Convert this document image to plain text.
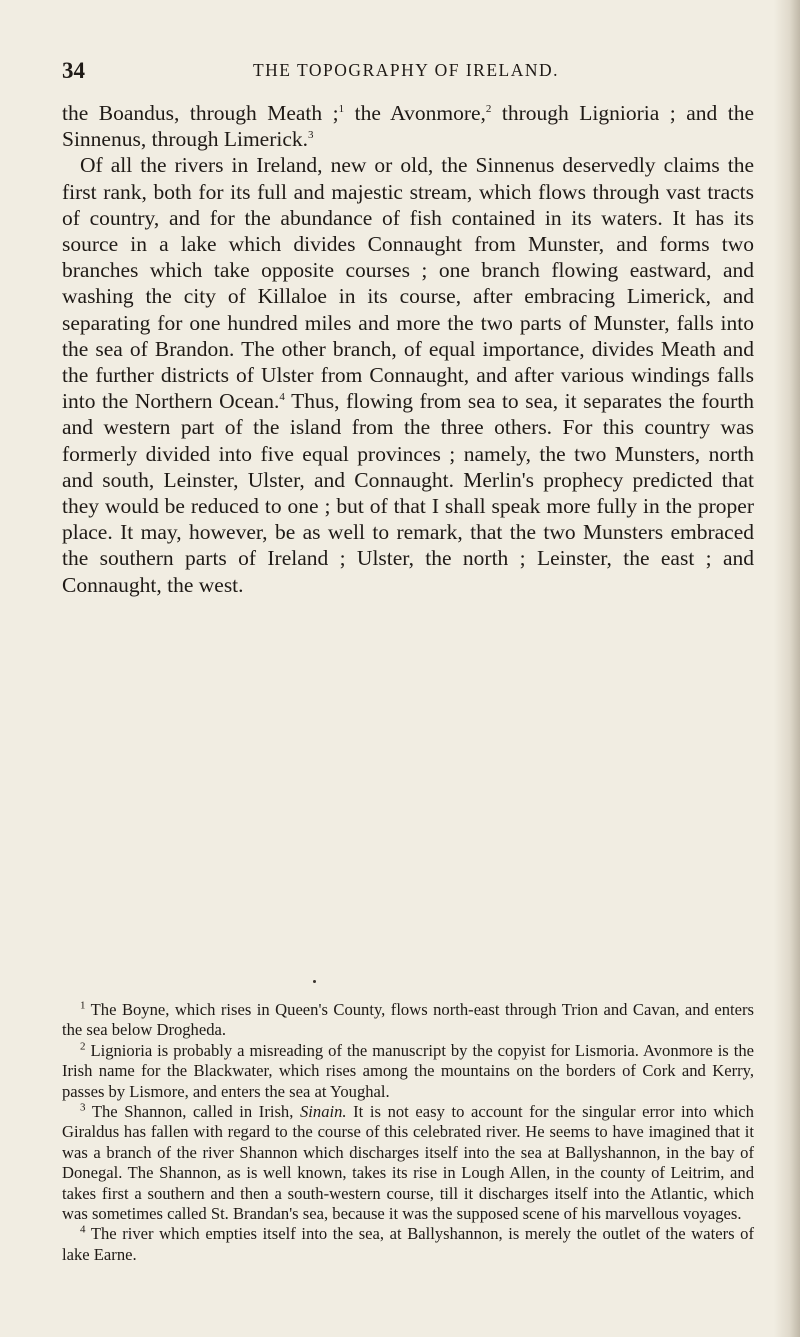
34	THE TOPOGRAPHY OF IRELAND.

the Boandus, through Meath ;$^1$ the Avonmore,$^2$ through Lignioria ; and the Sinnenus, through Limerick.$^3$

Of all the rivers in Ireland, new or old, the Sinnenus deservedly claims the first rank, both for its full and majestic stream, which flows through vast tracts of country, and for the abundance of fish contained in its waters. It has its source in a lake which divides Connaught from Munster, and forms two branches which take opposite courses ; one branch flowing eastward, and washing the city of Killaloe in its course, after embracing Limerick, and separating for one hundred miles and more the two parts of Munster, falls into the sea of Brandon. The other branch, of equal importance, divides Meath and the further districts of Ulster from Connaught, and after various windings falls into the Northern Ocean.$^4$ Thus, flowing from sea to sea, it separates the fourth and western part of the island from the three others. For this country was formerly divided into five equal provinces ; namely, the two Munsters, north and south, Leinster, Ulster, and Connaught. Merlin's prophecy predicted that they would be reduced to one ; but of that I shall speak more fully in the proper place. It may, however, be as well to remark, that the two Munsters embraced the southern parts of Ireland ; Ulster, the north ; Leinster, the east ; and Connaught, the west.

$^1$ The Boyne, which rises in Queen's County, flows north-east through Trion and Cavan, and enters the sea below Drogheda.

$^2$ Lignioria is probably a misreading of the manuscript by the copyist for Lismoria. Avonmore is the Irish name for the Blackwater, which rises among the mountains on the borders of Cork and Kerry, passes by Lismore, and enters the sea at Youghal.

$^3$ The Shannon, called in Irish, Sinain. It is not easy to account for the singular error into which Giraldus has fallen with regard to the course of this celebrated river. He seems to have imagined that it was a branch of the river Shannon which discharges itself into the sea at Ballyshannon, in the bay of Donegal. The Shannon, as is well known, takes its rise in Lough Allen, in the county of Leitrim, and takes first a southern and then a south-western course, till it discharges itself into the Atlantic, which was sometimes called St. Brandan's sea, because it was the supposed scene of his marvellous voyages.

$^4$ The river which empties itself into the sea, at Ballyshannon, is merely the outlet of the waters of lake Earne.
